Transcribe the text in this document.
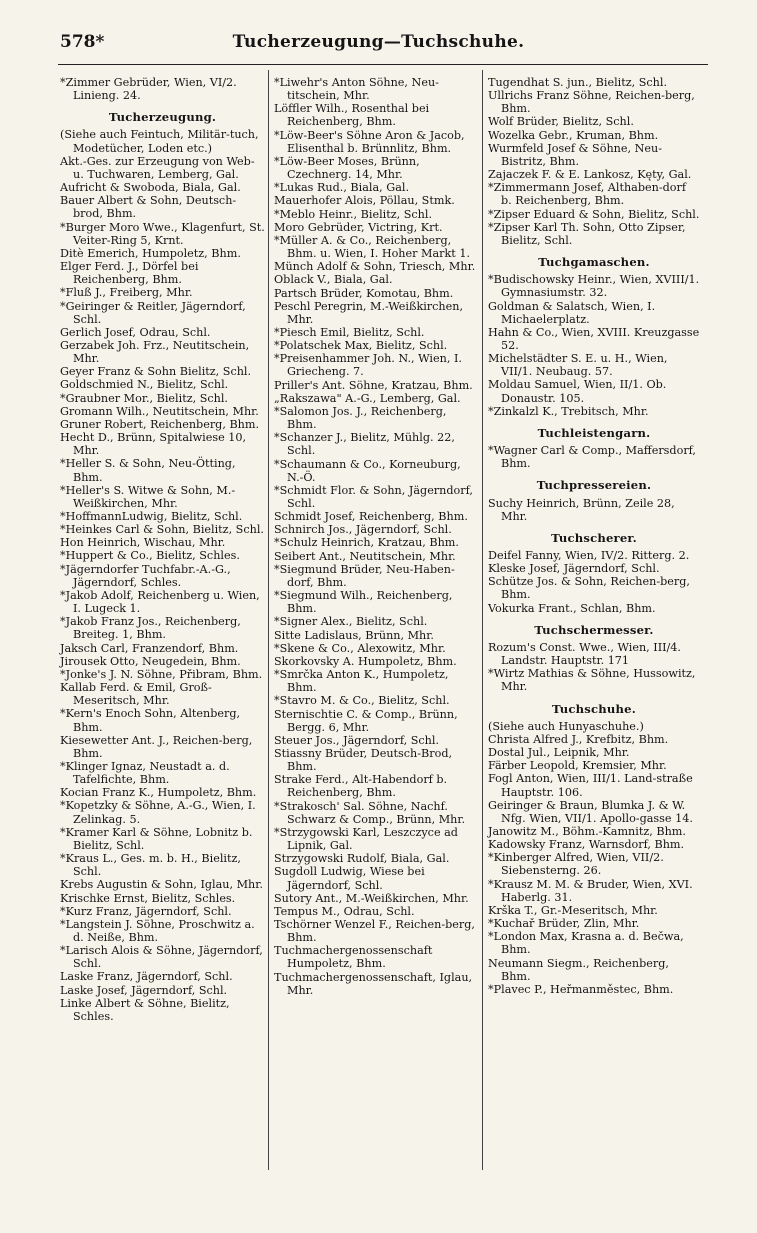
Tucherzeugung—Tuchschuhe.
578*
*Zimmer Gebrüder, Wien, VI/2. Linieng. 24.
Tucherzeugung.
(Siehe auch Feintuch, Militär-tuch, Modetücher, Loden etc.)
Akt.-Ges. zur Erzeugung von Web- u. Tuchwaren, Lemberg, Gal.
Aufricht & Swoboda, Biala, Gal.
Bauer Albert & Sohn, Deutsch-brod, Bhm.
*Burger Moro Wwe., Klagenfurt, St. Veiter-Ring 5, Krnt.
Ditè Emerich, Humpoletz, Bhm.
Elger Ferd. J., Dörfel bei Reichenberg, Bhm.
*Fluß J., Freiberg, Mhr.
*Geiringer & Reitler, Jägerndorf, Schl.
Gerlich Josef, Odrau, Schl.
Gerzabek Joh. Frz., Neutitschein, Mhr.
Geyer Franz & Sohn Bielitz, Schl.
Goldschmied N., Bielitz, Schl.
*Graubner Mor., Bielitz, Schl.
Gromann Wilh., Neutitschein, Mhr.
Gruner Robert, Reichenberg, Bhm.
Hecht D., Brünn, Spitalwiese 10, Mhr.
*Heller S. & Sohn, Neu-Ötting, Bhm.
*Heller's S. Witwe & Sohn, M.-Weißkirchen, Mhr.
*HoffmannLudwig, Bielitz, Schl.
*Heinkes Carl & Sohn, Bielitz, Schl.
Hon Heinrich, Wischau, Mhr.
*Huppert & Co., Bielitz, Schles.
*Jägerndorfer Tuchfabr.-A.-G., Jägerndorf, Schles.
*Jakob Adolf, Reichenberg u. Wien, I. Lugeck 1.
*Jakob Franz Jos., Reichenberg, Breiteg. 1, Bhm.
Jaksch Carl, Franzendorf, Bhm.
Jirousek Otto, Neugedein, Bhm.
*Jonke's J. N. Söhne, Přibram, Bhm.
Kallab Ferd. & Emil, Groß-Meseritsch, Mhr.
*Kern's Enoch Sohn, Altenberg, Bhm.
Kiesewetter Ant. J., Reichen-berg, Bhm.
*Klinger Ignaz, Neustadt a. d. Tafelfichte, Bhm.
Kocian Franz K., Humpoletz, Bhm.
*Kopetzky & Söhne, A.-G., Wien, I. Zelinkag. 5.
*Kramer Karl & Söhne, Lobnitz b. Bielitz, Schl.
*Kraus L., Ges. m. b. H., Bielitz, Schl.
Krebs Augustin & Sohn, Iglau, Mhr.
Krischke Ernst, Bielitz, Schles.
*Kurz Franz, Jägerndorf, Schl.
*Langstein J. Söhne, Proschwitz a. d. Neiße, Bhm.
*Larisch Alois & Söhne, Jägerndorf, Schl.
Laske Franz, Jägerndorf, Schl.
Laske Josef, Jägerndorf, Schl.
Linke Albert & Söhne, Bielitz, Schles.
*Liwehr's Anton Söhne, Neu-titschein, Mhr.
Löffler Wilh., Rosenthal bei Reichenberg, Bhm.
*Löw-Beer's Söhne Aron & Jacob, Elisenthal b. Brünnlitz, Bhm.
*Löw-Beer Moses, Brünn, Czechnerg. 14, Mhr.
*Lukas Rud., Biala, Gal.
Mauerhofer Alois, Pöllau, Stmk.
*Meblo Heinr., Bielitz, Schl.
Moro Gebrüder, Victring, Krt.
*Müller A. & Co., Reichenberg, Bhm. u. Wien, I. Hoher Markt 1.
Münch Adolf & Sohn, Triesch, Mhr.
Oblack V., Biala, Gal.
Partsch Brüder, Komotau, Bhm.
Peschl Peregrin, M.-Weißkirchen, Mhr.
*Piesch Emil, Bielitz, Schl.
*Polatschek Max, Bielitz, Schl.
*Preisenhammer Joh. N., Wien, I. Griecheng. 7.
Priller's Ant. Söhne, Kratzau, Bhm.
„Rakszawa" A.-G., Lemberg, Gal.
*Salomon Jos. J., Reichenberg, Bhm.
*Schanzer J., Bielitz, Mühlg. 22, Schl.
*Schaumann & Co., Korneuburg, N.-Ö.
*Schmidt Flor. & Sohn, Jägerndorf, Schl.
Schmidt Josef, Reichenberg, Bhm.
Schnirch Jos., Jägerndorf, Schl.
*Schulz Heinrich, Kratzau, Bhm.
Seibert Ant., Neutitschein, Mhr.
*Siegmund Brüder, Neu-Haben-dorf, Bhm.
*Siegmund Wilh., Reichenberg, Bhm.
*Signer Alex., Bielitz, Schl.
Sitte Ladislaus, Brünn, Mhr.
*Skene & Co., Alexowitz, Mhr.
Skorkovsky A. Humpoletz, Bhm.
*Smrčka Anton K., Humpoletz, Bhm.
*Stavro M. & Co., Bielitz, Schl.
Sternischtie C. & Comp., Brünn, Bergg. 6, Mhr.
Steuer Jos., Jägerndorf, Schl.
Stiassny Brüder, Deutsch-Brod, Bhm.
Strake Ferd., Alt-Habendorf b. Reichenberg, Bhm.
*Strakosch' Sal. Söhne, Nachf. Schwarz & Comp., Brünn, Mhr.
*Strzygowski Karl, Leszczyce ad Lipnik, Gal.
Strzygowski Rudolf, Biala, Gal.
Sugdoll Ludwig, Wiese bei Jägerndorf, Schl.
Sutory Ant., M.-Weißkirchen, Mhr.
Tempus M., Odrau, Schl.
Tschörner Wenzel F., Reichen-berg, Bhm.
Tuchmachergenossenschaft Humpoletz, Bhm.
Tuchmachergenossenschaft, Iglau, Mhr.
Tugendhat S. jun., Bielitz, Schl.
Ullrichs Franz Söhne, Reichen-berg, Bhm.
Wolf Brüder, Bielitz, Schl.
Wozelka Gebr., Kruman, Bhm.
Wurmfeld Josef & Söhne, Neu-Bistritz, Bhm.
Zajaczek F. & E. Lankosz, Kęty, Gal.
*Zimmermann Josef, Althaben-dorf b. Reichenberg, Bhm.
*Zipser Eduard & Sohn, Bielitz, Schl.
*Zipser Karl Th. Sohn, Otto Zipser, Bielitz, Schl.
Tuchgamaschen.
*Budischowsky Heinr., Wien, XVIII/1. Gymnasiumstr. 32.
Goldman & Salatsch, Wien, I. Michaelerplatz.
Hahn & Co., Wien, XVIII. Kreuzgasse 52.
Michelstädter S. E. u. H., Wien, VII/1. Neubaug. 57.
Moldau Samuel, Wien, II/1. Ob. Donaustr. 105.
*Zinkalzl K., Trebitsch, Mhr.
Tuchleistengarn.
*Wagner Carl & Comp., Maffersdorf, Bhm.
Tuchpressereien.
Suchy Heinrich, Brünn, Zeile 28, Mhr.
Tuchscherer.
Deifel Fanny, Wien, IV/2. Ritterg. 2.
Kleske Josef, Jägerndorf, Schl.
Schütze Jos. & Sohn, Reichen-berg, Bhm.
Vokurka Frant., Schlan, Bhm.
Tuchschermesser.
Rozum's Const. Wwe., Wien, III/4. Landstr. Hauptstr. 171
*Wirtz Mathias & Söhne, Hussowitz, Mhr.
Tuchschuhe.
(Siehe auch Hunyaschuhe.)
Christa Alfred J., Krefbitz, Bhm.
Dostal Jul., Leipnik, Mhr.
Färber Leopold, Kremsier, Mhr.
Fogl Anton, Wien, III/1. Land-straße Hauptstr. 106.
Geiringer & Braun, Blumka J. & W. Nfg. Wien, VII/1. Apollo-gasse 14.
Janowitz M., Böhm.-Kamnitz, Bhm.
Kadowsky Franz, Warnsdorf, Bhm.
*Kinberger Alfred, Wien, VII/2. Siebensterng. 26.
*Krausz M. M. & Bruder, Wien, XVI. Haberlg. 31.
Krška T., Gr.-Meseritsch, Mhr.
*Kuchař Brüder, Zlin, Mhr.
*London Max, Krasna a. d. Bečwa, Bhm.
Neumann Siegm., Reichenberg, Bhm.
*Plavec P., Heřmanměstec, Bhm.
